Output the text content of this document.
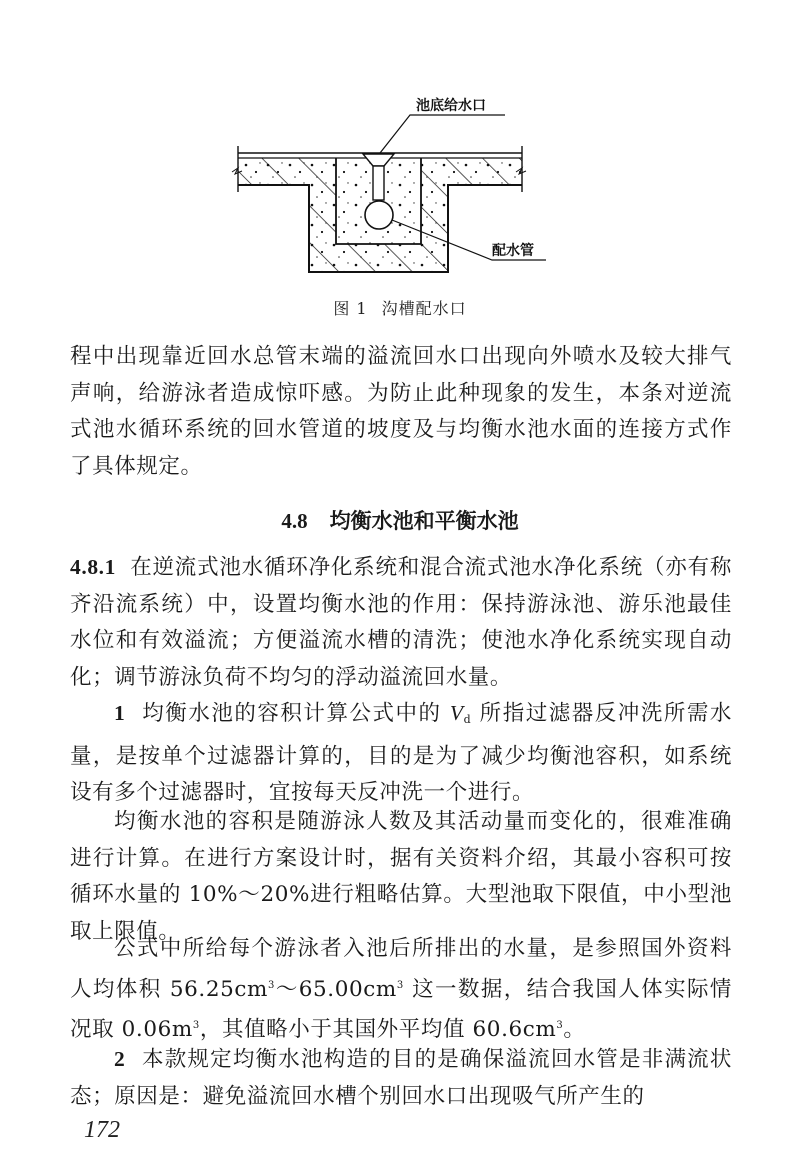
池底给水口
配水管
图 1 沟槽配水口

程中出现靠近回水总管末端的溢流回水口出现向外喷水及较大排气声响，给游泳者造成惊吓感。为防止此种现象的发生，本条对逆流式池水循环系统的回水管道的坡度及与均衡水池水面的连接方式作了具体规定。

4.8 均衡水池和平衡水池

4.8.1 在逆流式池水循环净化系统和混合流式池水净化系统（亦有称齐沿流系统）中，设置均衡水池的作用：保持游泳池、游乐池最佳水位和有效溢流；方便溢流水槽的清洗；使池水净化系统实现自动化；调节游泳负荷不均匀的浮动溢流回水量。

1 均衡水池的容积计算公式中的 $V_d$ 所指过滤器反冲洗所需水量，是按单个过滤器计算的，目的是为了减少均衡池容积，如系统设有多个过滤器时，宜按每天反冲洗一个进行。

均衡水池的容积是随游泳人数及其活动量而变化的，很难准确进行计算。在进行方案设计时，据有关资料介绍，其最小容积可按循环水量的 10%～20%进行粗略估算。大型池取下限值，中小型池取上限值。

公式中所给每个游泳者入池后所排出的水量，是参照国外资料人均体积 $56.25cm^3\sim 65.00cm^3$ 这一数据，结合我国人体实际情况取 $0.06m^3$，其值略小于其国外平均值 $60.6cm^3$。

2 本款规定均衡水池构造的目的是确保溢流回水管是非满流状态；原因是：避免溢流回水槽个别回水口出现吸气所产生的

172
